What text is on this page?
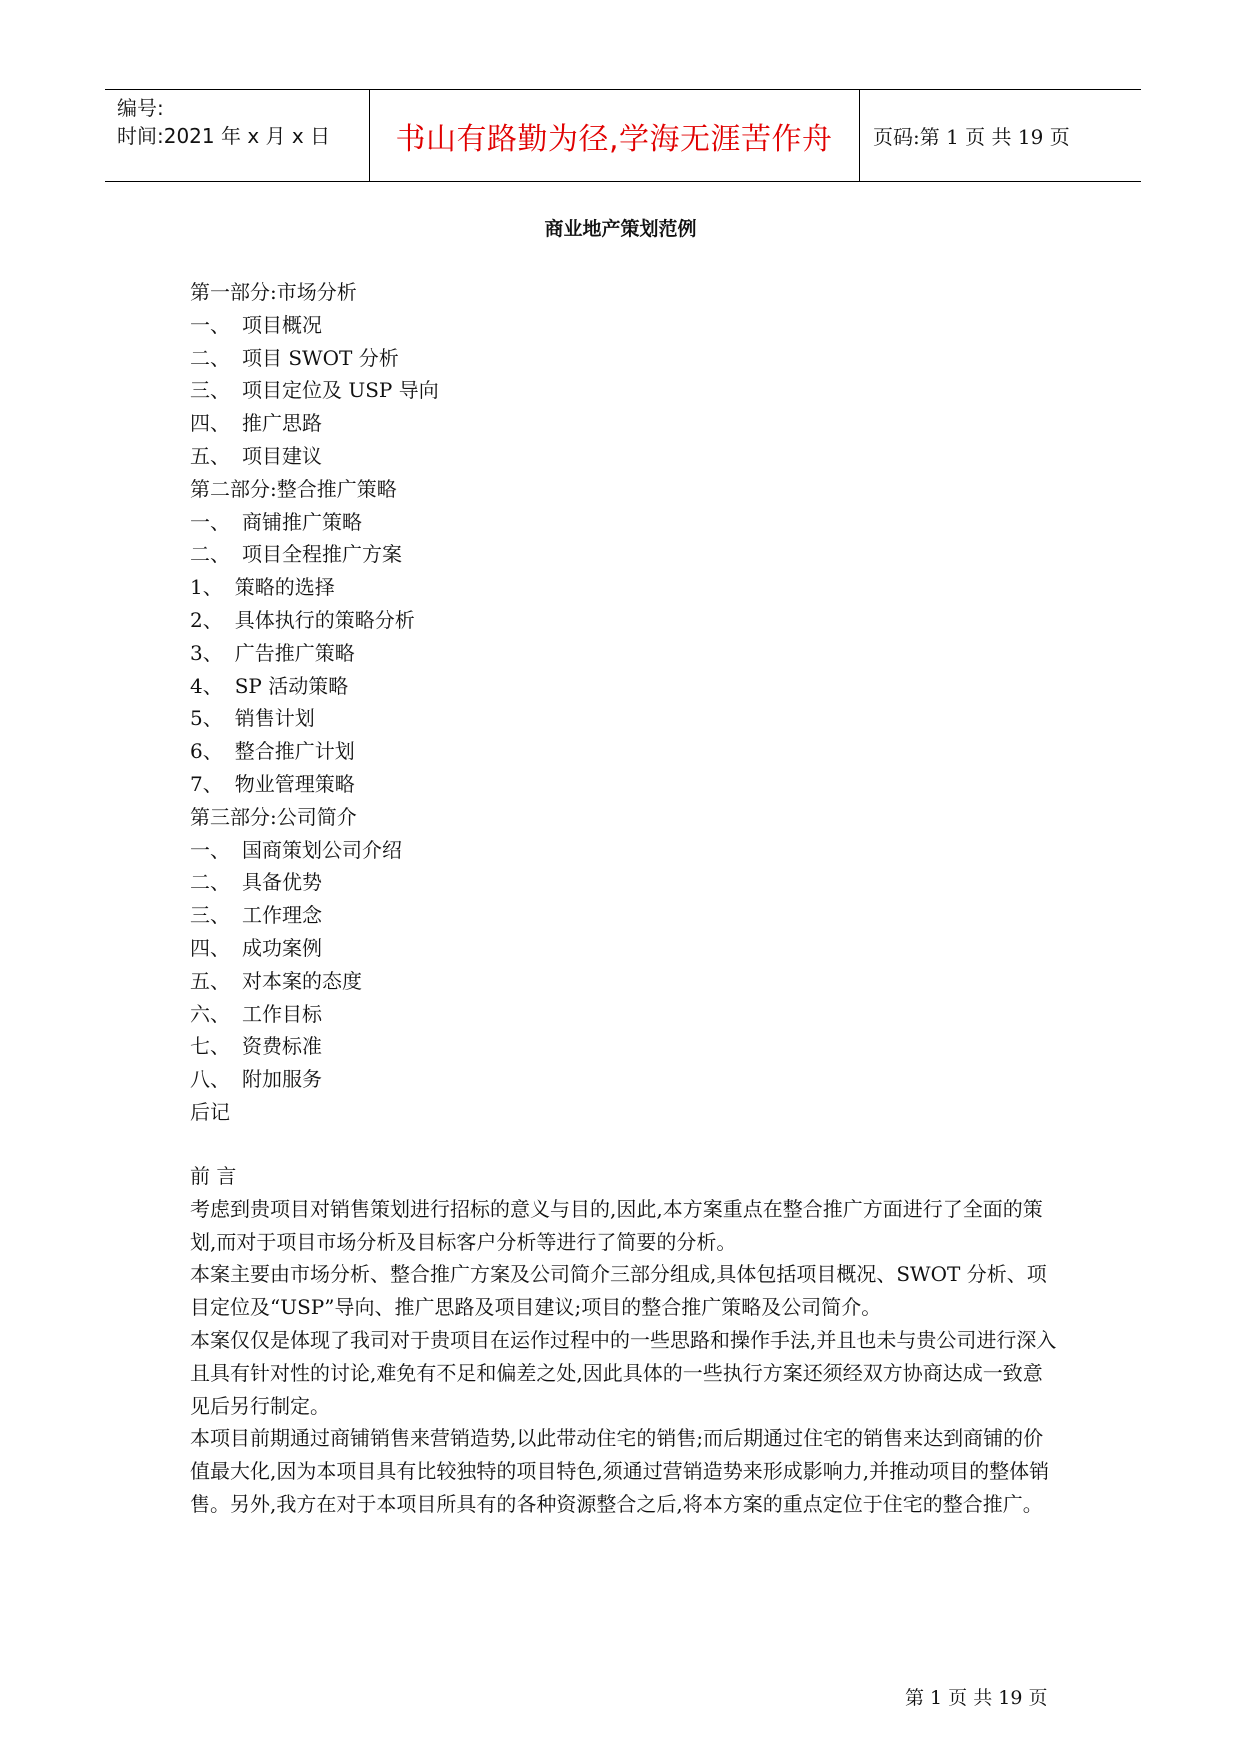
编号:
时间:2021 年 x 月 x 日	书山有路勤为径,学海无涯苦作舟	页码:第 1 页 共 19 页
商业地产策划范例
第一部分:市场分析
一、 项目概况
二、 项目 SWOT 分析
三、 项目定位及 USP 导向
四、 推广思路
五、 项目建议
第二部分:整合推广策略
一、 商铺推广策略
二、 项目全程推广方案
1、 策略的选择
2、 具体执行的策略分析
3、 广告推广策略
4、 SP 活动策略
5、 销售计划
6、 整合推广计划
7、 物业管理策略
第三部分:公司简介
一、 国商策划公司介绍
二、 具备优势
三、 工作理念
四、 成功案例
五、 对本案的态度
六、 工作目标
七、 资费标准
八、 附加服务
后记

前 言

考虑到贵项目对销售策划进行招标的意义与目的,因此,本方案重点在整合推广方面进行了全面的策划,而对于项目市场分析及目标客户分析等进行了简要的分析。

本案主要由市场分析、整合推广方案及公司简介三部分组成,具体包括项目概况、SWOT 分析、项目定位及“USP”导向、推广思路及项目建议;项目的整合推广策略及公司简介。

本案仅仅是体现了我司对于贵项目在运作过程中的一些思路和操作手法,并且也未与贵公司进行深入且具有针对性的讨论,难免有不足和偏差之处,因此具体的一些执行方案还须经双方协商达成一致意见后另行制定。

本项目前期通过商铺销售来营销造势,以此带动住宅的销售;而后期通过住宅的销售来达到商铺的价值最大化,因为本项目具有比较独特的项目特色,须通过营销造势来形成影响力,并推动项目的整体销售。另外,我方在对于本项目所具有的各种资源整合之后,将本方案的重点定位于住宅的整合推广。

第 1 页 共 19 页
